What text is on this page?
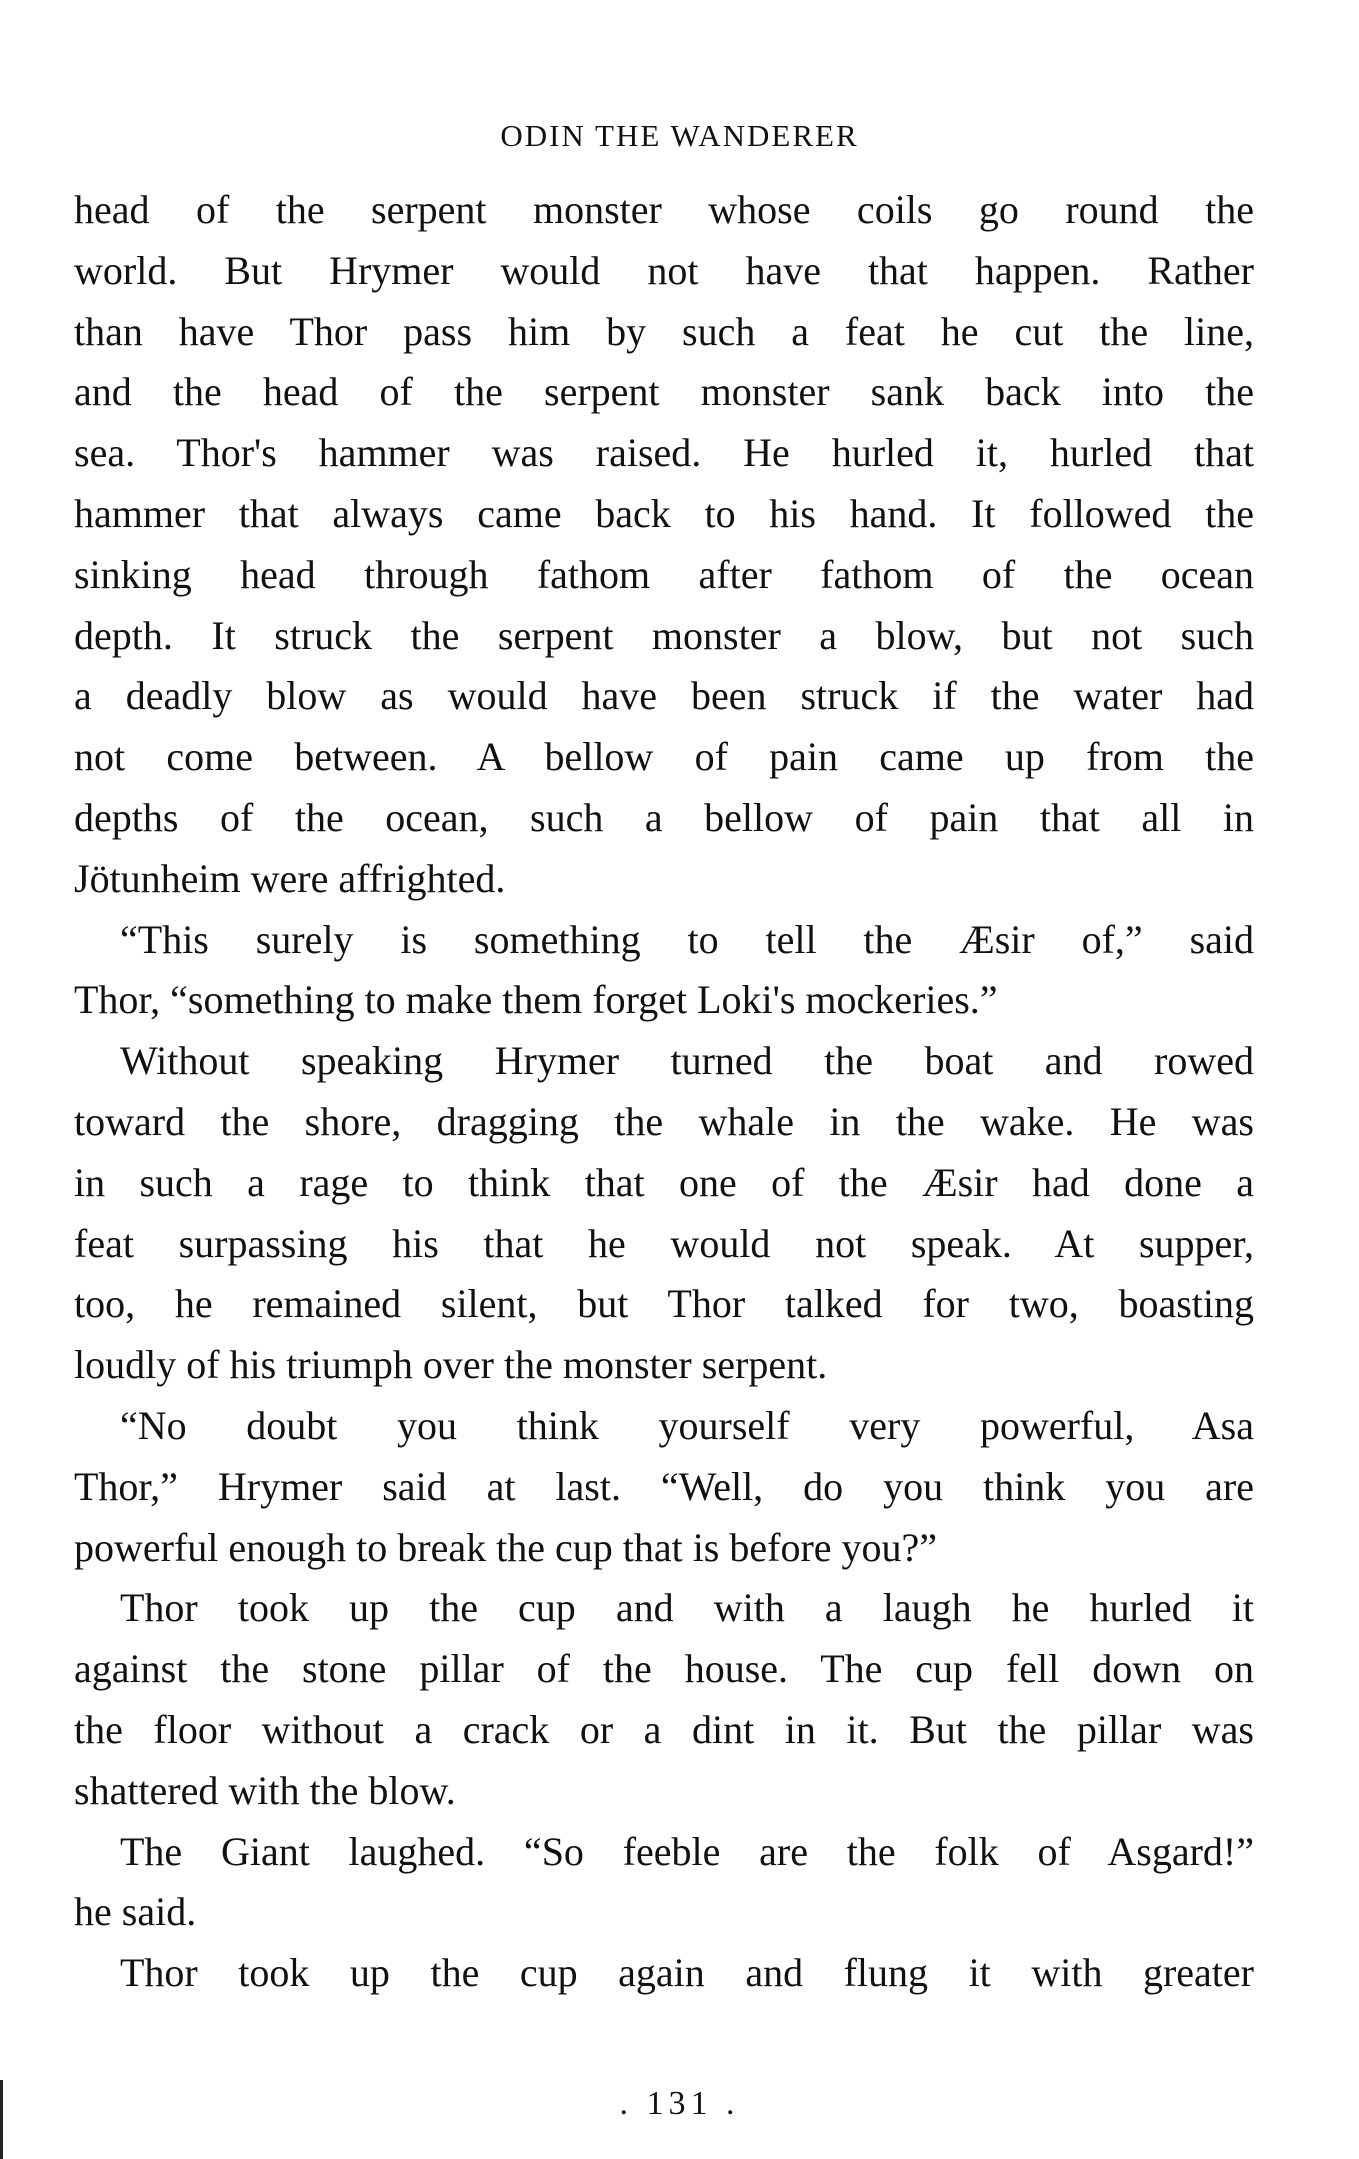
ODIN THE WANDERER
head of the serpent monster whose coils go round the
world. But Hrymer would not have that happen. Rather
than have Thor pass him by such a feat he cut the line,
and the head of the serpent monster sank back into the
sea. Thor's hammer was raised. He hurled it, hurled that
hammer that always came back to his hand. It followed the
sinking head through fathom after fathom of the ocean
depth. It struck the serpent monster a blow, but not such
a deadly blow as would have been struck if the water had
not come between. A bellow of pain came up from the
depths of the ocean, such a bellow of pain that all in
Jötunheim were affrighted.
“This surely is something to tell the Æsir of,” said
Thor, “something to make them forget Loki's mockeries.”
Without speaking Hrymer turned the boat and rowed
toward the shore, dragging the whale in the wake. He was
in such a rage to think that one of the Æsir had done a
feat surpassing his that he would not speak. At supper,
too, he remained silent, but Thor talked for two, boasting
loudly of his triumph over the monster serpent.
“No doubt you think yourself very powerful, Asa
Thor,” Hrymer said at last. “Well, do you think you are
powerful enough to break the cup that is before you?”
Thor took up the cup and with a laugh he hurled it
against the stone pillar of the house. The cup fell down on
the floor without a crack or a dint in it. But the pillar was
shattered with the blow.
The Giant laughed. “So feeble are the folk of Asgard!”
he said.
Thor took up the cup again and flung it with greater
. 131 .
